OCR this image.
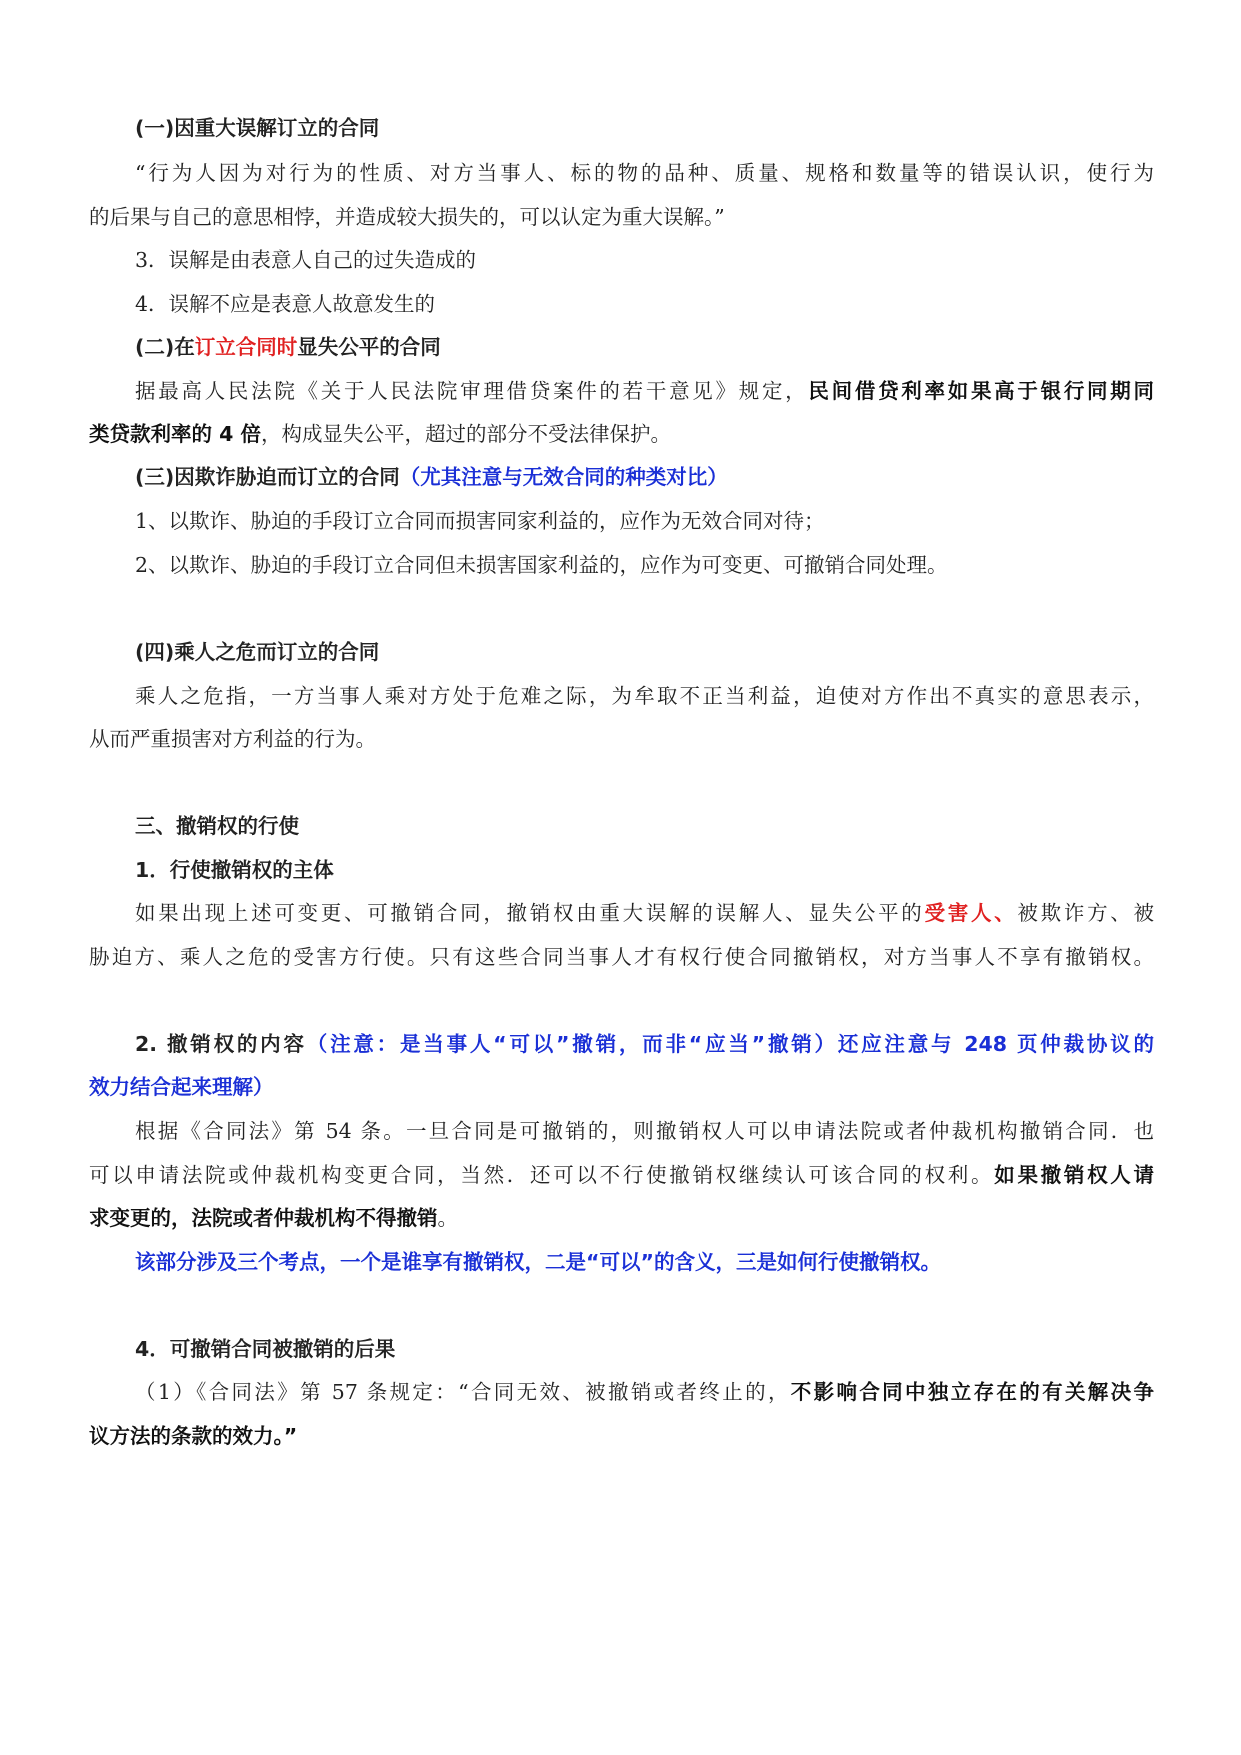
(一)因重大误解订立的合同

“行为人因为对行为的性质、对方当事人、标的物的品种、质量、规格和数量等的错误认识，使行为

的后果与自己的意思相悖，并造成较大损失的，可以认定为重大误解。”

3．误解是由表意人自己的过失造成的

4．误解不应是表意人故意发生的

(二)在订立合同时显失公平的合同

据最高人民法院《关于人民法院审理借贷案件的若干意见》规定，民间借贷利率如果高于银行同期同

类贷款利率的 4 倍，构成显失公平，超过的部分不受法律保护。

(三)因欺诈胁迫而订立的合同（尤其注意与无效合同的种类对比）

1、以欺诈、胁迫的手段订立合同而损害同家利益的，应作为无效合同对待；

2、以欺诈、胁迫的手段订立合同但未损害国家利益的，应作为可变更、可撤销合同处理。

(四)乘人之危而订立的合同

乘人之危指，一方当事人乘对方处于危难之际，为牟取不正当利益，迫使对方作出不真实的意思表示，

从而严重损害对方利益的行为。

三、撤销权的行使

1．行使撤销权的主体

如果出现上述可变更、可撤销合同，撤销权由重大误解的误解人、显失公平的受害人、被欺诈方、被

胁迫方、乘人之危的受害方行使。只有这些合同当事人才有权行使合同撤销权，对方当事人不享有撤销权。

2. 撤销权的内容（注意：是当事人“可以”撤销，而非“应当”撤销）还应注意与 248 页仲裁协议的

效力结合起来理解）

根据《合同法》第 54 条。一旦合同是可撤销的，则撤销权人可以申请法院或者仲裁机构撤销合同．也

可以申请法院或仲裁机构变更合同，当然．还可以不行使撤销权继续认可该合同的权利。如果撤销权人请

求变更的，法院或者仲裁机构不得撤销。

该部分涉及三个考点，一个是谁享有撤销权，二是“可以”的含义，三是如何行使撤销权。

4．可撤销合同被撤销的后果

（1）《合同法》第 57 条规定：“合同无效、被撤销或者终止的，不影响合同中独立存在的有关解决争

议方法的条款的效力。”
